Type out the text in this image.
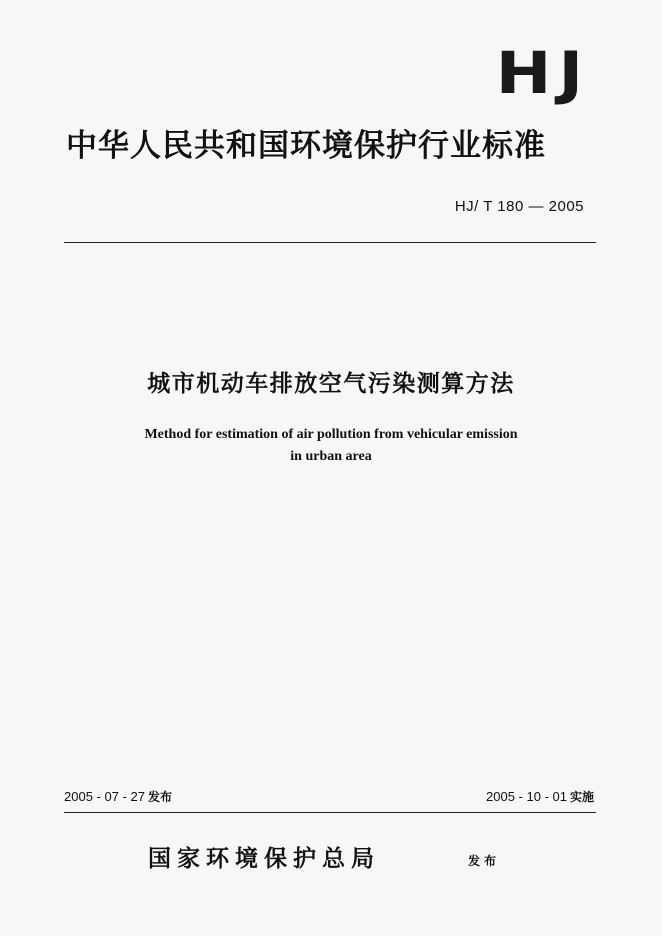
HJ
中华人民共和国环境保护行业标准
HJ/ T 180 — 2005
城市机动车排放空气污染测算方法
Method for estimation of air pollution from vehicular emission
in urban area
2005 - 07 - 27 发布	2005 - 10 - 01 实施
国家环境保护总局	发布
